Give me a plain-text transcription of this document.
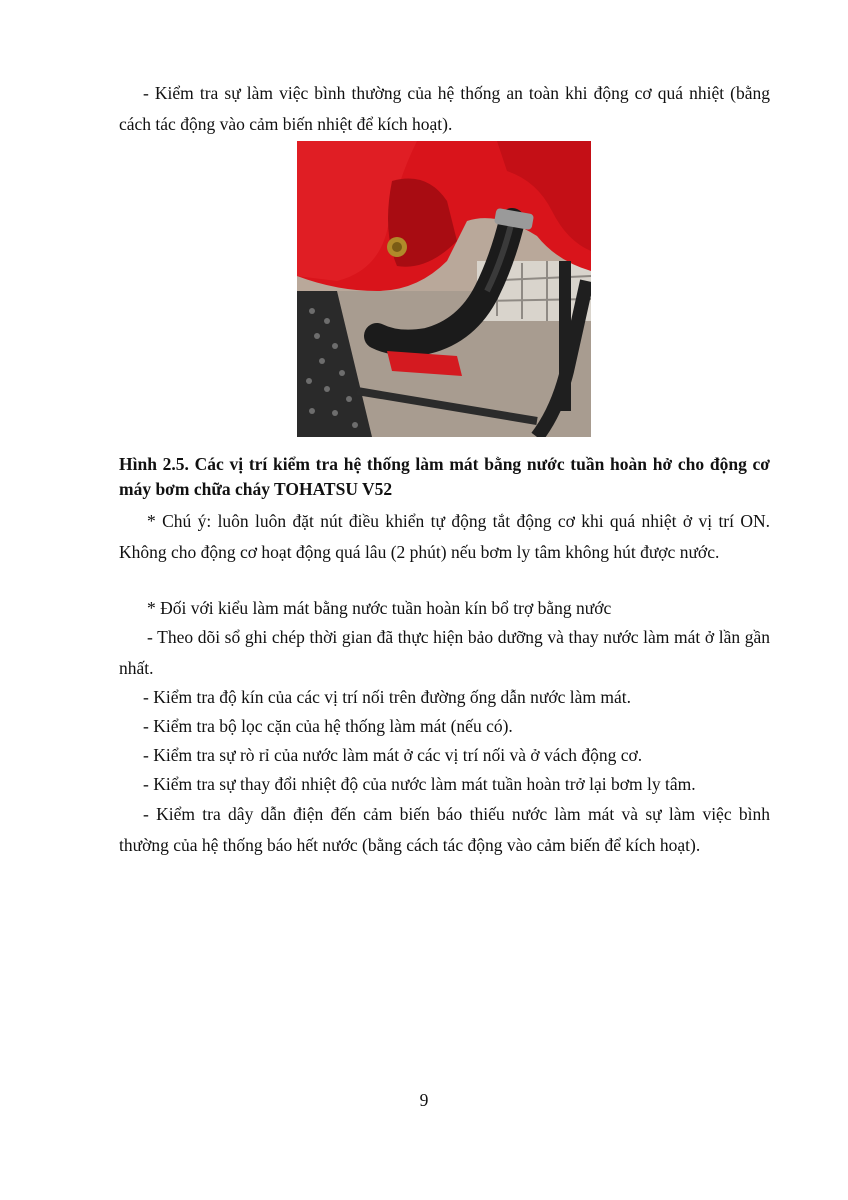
- Kiểm tra sự làm việc bình thường của hệ thống an toàn khi động cơ quá nhiệt (bằng cách tác động vào cảm biến nhiệt để kích hoạt).

Hình 2.5. Các vị trí kiểm tra hệ thống làm mát bằng nước tuần hoàn hở cho động cơ máy bơm chữa cháy TOHATSU V52

* Chú ý: luôn luôn đặt nút điều khiển tự động tắt động cơ khi quá nhiệt ở vị trí ON. Không cho động cơ hoạt động quá lâu (2 phút) nếu bơm ly tâm không hút được nước.

* Đối với kiểu làm mát bằng nước tuần hoàn kín bổ trợ bằng nước

- Theo dõi sổ ghi chép thời gian đã thực hiện bảo dưỡng và thay nước làm mát ở lần gần nhất.

- Kiểm tra độ kín của các vị trí nối trên đường ống dẫn nước làm mát.

- Kiểm tra bộ lọc cặn của hệ thống làm mát (nếu có).

- Kiểm tra sự rò rỉ của nước làm mát ở các vị trí nối và ở vách động cơ.

- Kiểm tra sự thay đổi nhiệt độ của nước làm mát tuần hoàn trở lại bơm ly tâm.

- Kiểm tra dây dẫn điện đến cảm biến báo thiếu nước làm mát và sự làm việc bình thường của hệ thống báo hết nước (bằng cách tác động vào cảm biến để kích hoạt).

9
